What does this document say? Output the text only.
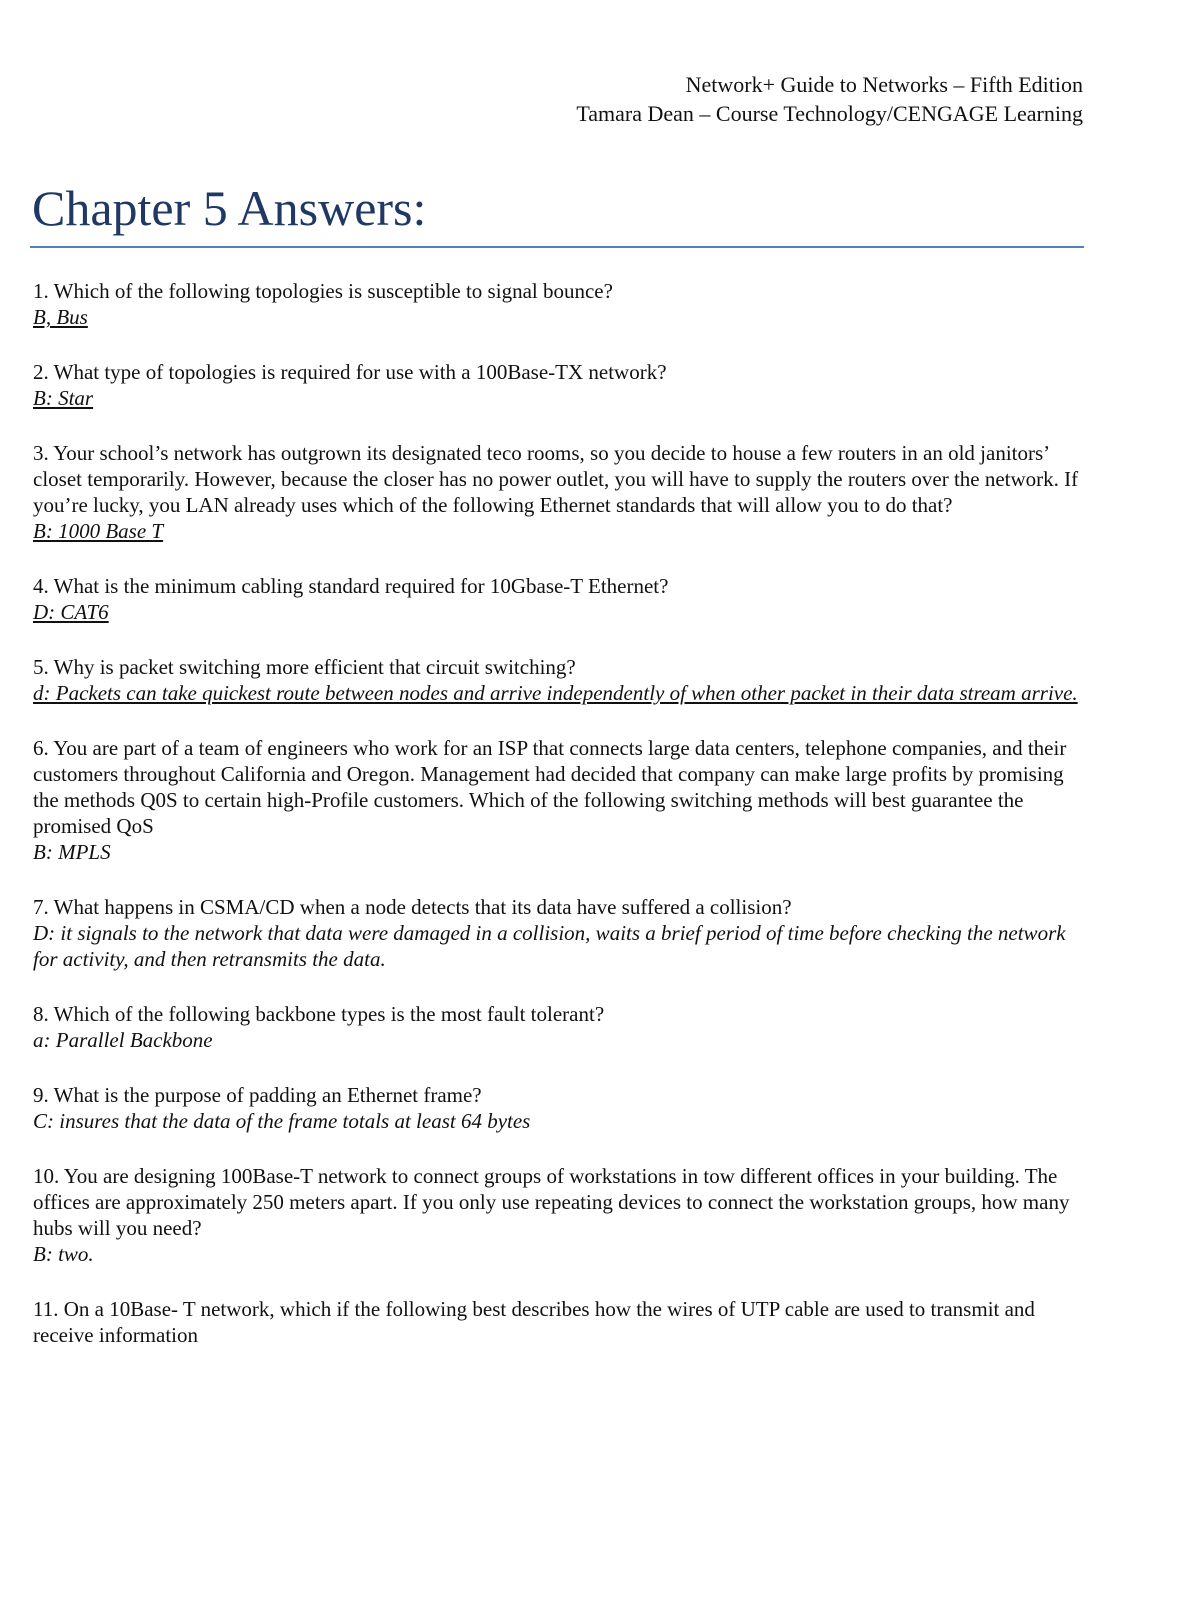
Network+ Guide to Networks – Fifth Edition
Tamara Dean – Course Technology/CENGAGE Learning
Chapter 5 Answers:

1. Which of the following topologies is susceptible to signal bounce?

B, Bus

2. What type of topologies is required for use with a 100Base-TX network?

B: Star

3. Your school’s network has outgrown its designated teco rooms, so you decide to house a few routers in an old janitors’ closet temporarily. However, because the closer has no power outlet, you will have to supply the routers over the network. If you’re lucky, you LAN already uses which of the following Ethernet standards that will allow you to do that?

B: 1000 Base T

4. What is the minimum cabling standard required for 10Gbase-T Ethernet?

D: CAT6

5. Why is packet switching more efficient that circuit switching?

d: Packets can take quickest route between nodes and arrive independently of when other packet in their data stream arrive.

6. You are part of a team of engineers who work for an ISP that connects large data centers, telephone companies, and their customers throughout California and Oregon. Management had decided that company can make large profits by promising the methods Q0S to certain high-Profile customers. Which of the following switching methods will best guarantee the promised QoS

B: MPLS

7. What happens in CSMA/CD when a node detects that its data have suffered a collision?

D: it signals to the network that data were damaged in a collision, waits a brief period of time before checking the network for activity, and then retransmits the data.

8. Which of the following backbone types is the most fault tolerant?

a: Parallel Backbone

9. What is the purpose of padding an Ethernet frame?

C: insures that the data of the frame totals at least 64 bytes

10. You are designing 100Base-T network to connect groups of workstations in tow different offices in your building. The offices are approximately 250 meters apart. If you only use repeating devices to connect the workstation groups, how many hubs will you need?

B: two.

11. On a 10Base- T network, which if the following best describes how the wires of UTP cable are used to transmit and receive information
